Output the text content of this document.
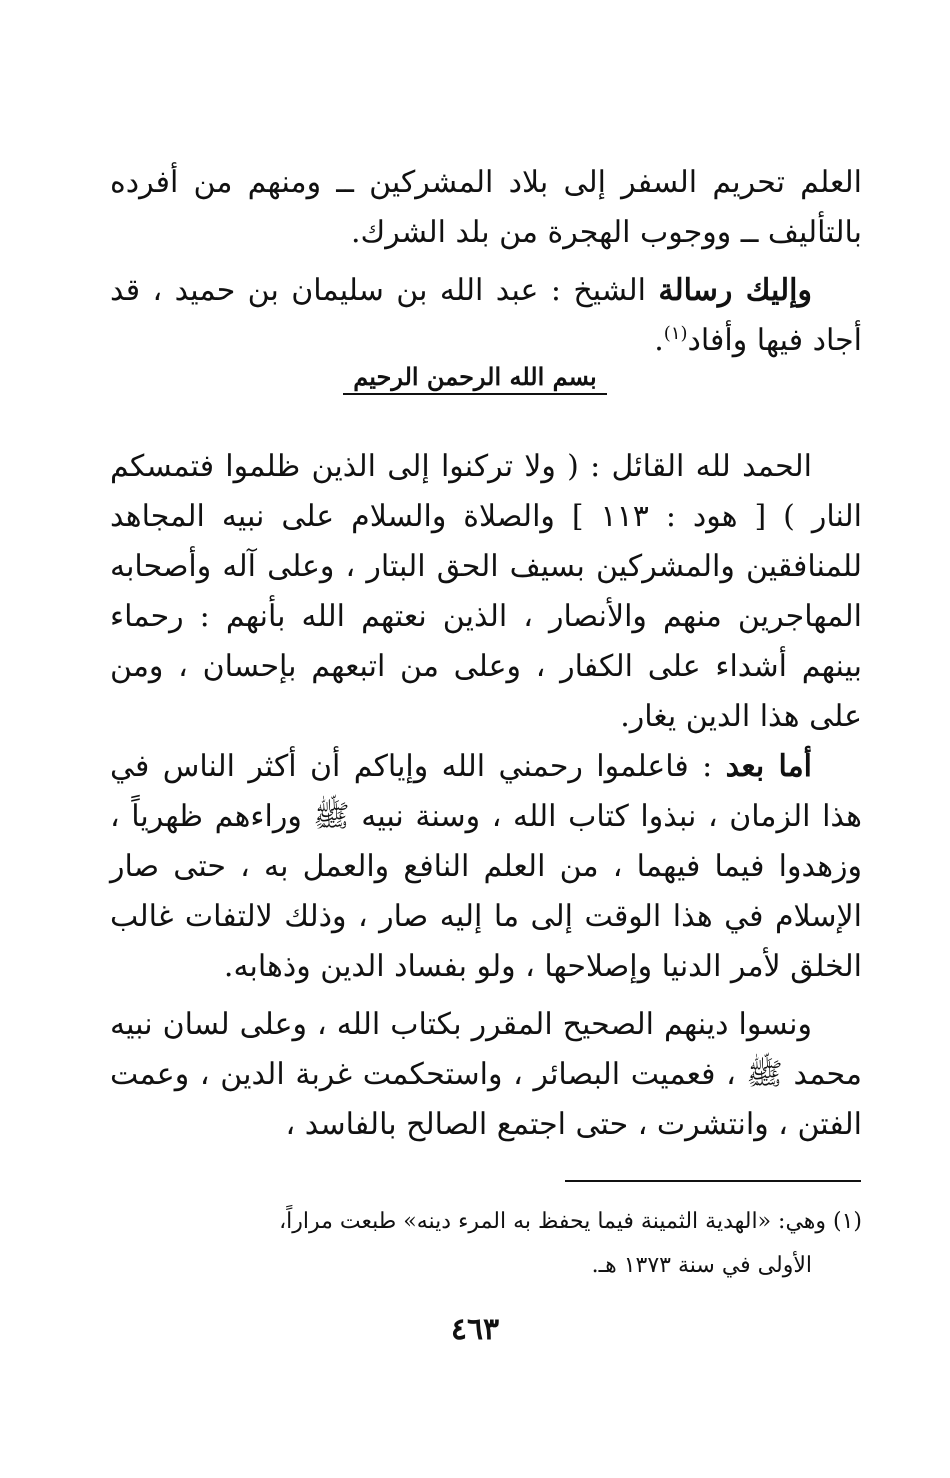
العلم تحريم السفر إلى بلاد المشركين ــ ومنهم من أفرده بالتأليف ــ ووجوب الهجرة من بلد الشرك.

وإليك رسالة الشيخ : عبد الله بن سليمان بن حميد ، قد أجاد فيها وأفاد$^{(١)}$.

بسم الله الرحمن الرحيم

الحمد لله القائل : ( ولا تركنوا إلى الذين ظلموا فتمسكم النار ) [ هود : ١١٣ ] والصلاة والسلام على نبيه المجاهد للمنافقين والمشركين بسيف الحق البتار ، وعلى آله وأصحابه المهاجرين منهم والأنصار ، الذين نعتهم الله بأنهم : رحماء بينهم أشداء على الكفار ، وعلى من اتبعهم بإحسان ، ومن على هذا الدين يغار.

أما بعد : فاعلموا رحمني الله وإياكم أن أكثر الناس في هذا الزمان ، نبذوا كتاب الله ، وسنة نبيه ﷺ وراءهم ظهرياً ، وزهدوا فيما فيهما ، من العلم النافع والعمل به ، حتى صار الإسلام في هذا الوقت إلى ما إليه صار ، وذلك لالتفات غالب الخلق لأمر الدنيا وإصلاحها ، ولو بفساد الدين وذهابه.

ونسوا دينهم الصحيح المقرر بكتاب الله ، وعلى لسان نبيه محمد ﷺ ، فعميت البصائر ، واستحكمت غربة الدين ، وعمت الفتن ، وانتشرت ، حتى اجتمع الصالح بالفاسد ،

(١) وهي: «الهدية الثمينة فيما يحفظ به المرء دينه» طبعت مراراً،

الأولى في سنة ١٣٧٣ هـ.

٤٦٣
